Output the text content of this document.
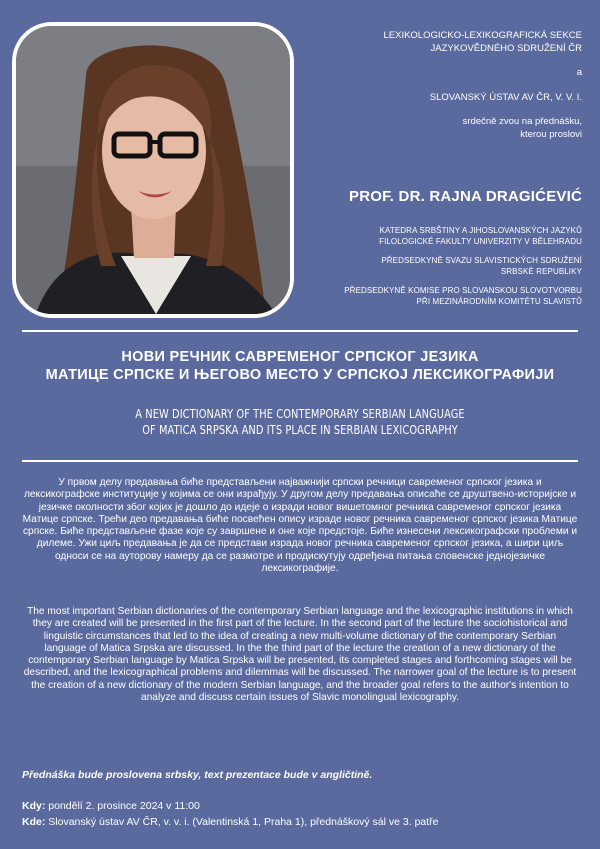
LEXIKOLOGICKO-LEXIKOGRAFICKÁ SEKCE

JAZYKOVĚDNÉHO SDRUŽENÍ ČR

a

SLOVANSKÝ ÚSTAV AV ČR, V. V. I.

srdečně zvou na přednášku,

kterou proslovi

PROF. DR. RAJNA DRAGIĆEVIĆ
KATEDRA SRBŠTINY A JIHOSLOVANSKÝCH JAZYKŮ
FILOLOGICKÉ FAKULTY UNIVERZITY V BĚLEHRADU
PŘEDSEDKYNĚ SVAZU SLAVISTICKÝCH SDRUŽENÍ
SRBSKÉ REPUBLIKY
PŘEDSEDKYNĚ KOMISE PRO SLOVANSKOU SLOVOTVORBU
PŘI MEZINÁRODNÍM KOMITÉTU SLAVISTŮ
НОВИ РЕЧНИК САВРЕМЕНОГ СРПСКОГ ЈЕЗИКА
МАТИЦЕ СРПСКЕ И ЊЕГОВО МЕСТО У СРПСКОЈ ЛЕКСИКОГРАФИЈИ
A NEW DICTIONARY OF THE CONTEMPORARY SERBIAN LANGUAGE
OF MATICA SRPSKA AND ITS PLACE IN SERBIAN LEXICOGRAPHY
У првом делу предавања биће представљени најважнији српски речници савременог српског језика и лексикографске институције у којима се они израђују. У другом делу предавања описаће се друштвено-историјске и језичке околности због којих је дошло до идеје о изради новог вишетомног речника савременог српског језика Матице српске. Трећи део предавања биће посвећен опису израде новог речника савременог српског језика Матице српске. Биће представљене фазе које су завршене и оне које предстоје. Биће изнесени лексикографски проблеми и дилеме. Ужи циљ предавања је да се представи израда новог речника савременог српског језика, а шири циљ односи се на ауторову намеру да се размотре и продискутују одређена питања словенске једнојезичке лексикографије.
The most important Serbian dictionaries of the contemporary Serbian language and the lexicographic institutions in which they are created will be presented in the first part of the lecture. In the second part of the lecture the sociohistorical and linguistic circumstances that led to the idea of creating a new multi-volume dictionary of the contemporary Serbian language of Matica Srpska are discussed. In the the third part of the lecture the creation of a new dictionary of the contemporary Serbian language by Matica Srpska will be presented, its completed stages and forthcoming stages will be described, and the lexicographical problems and dilemmas will be discussed. The narrower goal of the lecture is to present the creation of a new dictionary of the modern Serbian language, and the broader goal refers to the author's intention to analyze and discuss certain issues of Slavic monolingual lexicography.
Přednáška bude proslovena srbsky, text prezentace bude v angličtině.
Kdy: pondělí 2. prosince 2024 v 11:00
Kde: Slovanský ústav AV ČR, v. v. i. (Valentinská 1, Praha 1), přednáškový sál ve 3. patře
